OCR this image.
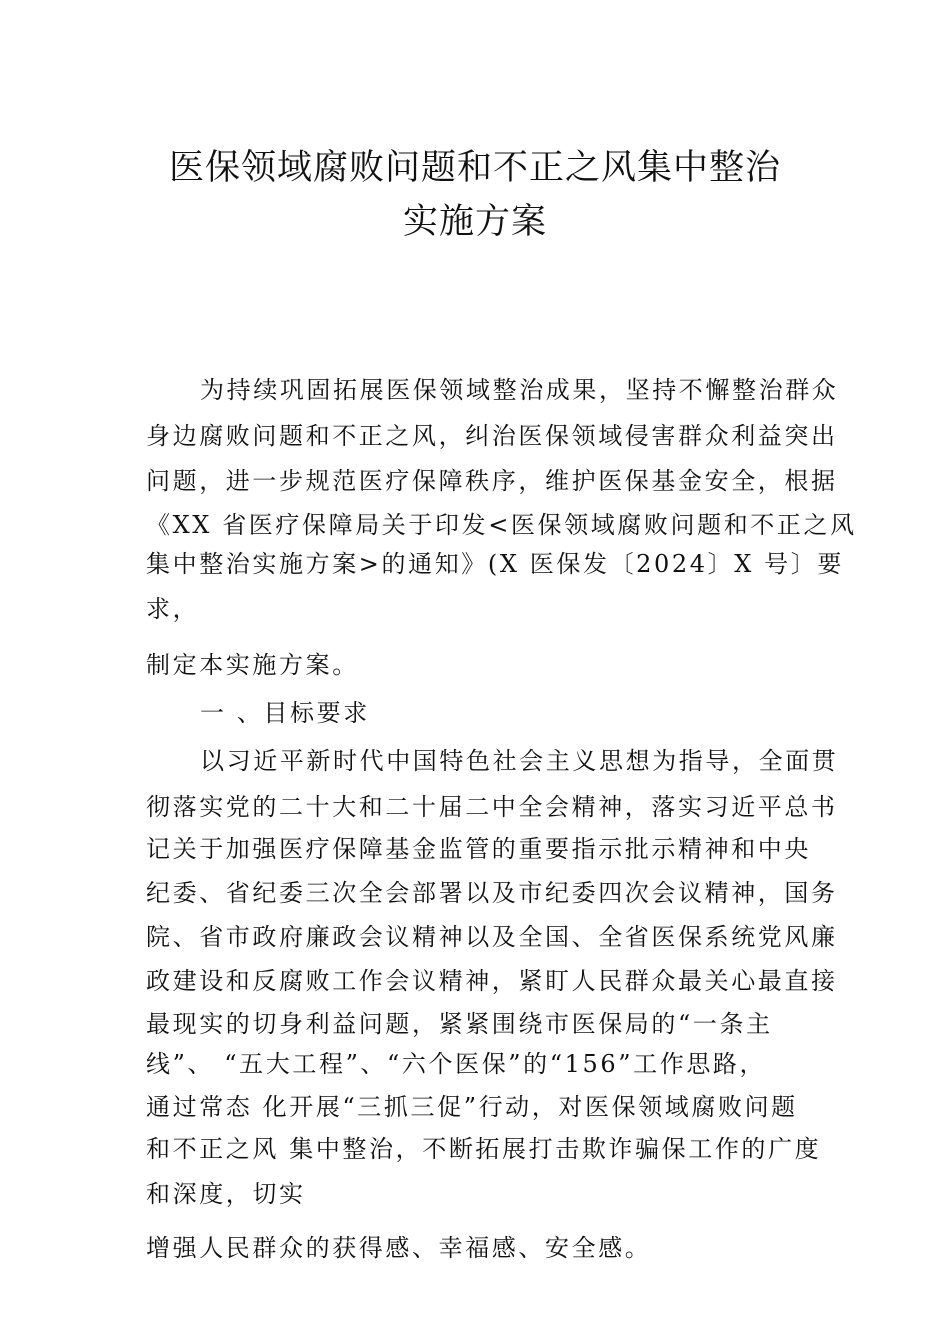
医保领域腐败问题和不正之风集中整治
实施方案
为持续巩固拓展医保领域整治成果，坚持不懈整治群众
身边腐败问题和不正之风，纠治医保领域侵害群众利益突出
问题，进一步规范医疗保障秩序，维护医保基金安全，根据
《XX 省医疗保障局关于印发<医保领域腐败问题和不正之风
集中整治实施方案>的通知》(X 医保发〔2024〕X 号〕要
求，
制定本实施方案。
一 、目标要求
以习近平新时代中国特色社会主义思想为指导，全面贯
彻落实党的二十大和二十届二中全会精神，落实习近平总书
记关于加强医疗保障基金监管的重要指示批示精神和中央
纪委、省纪委三次全会部署以及市纪委四次会议精神，国务
院、省市政府廉政会议精神以及全国、全省医保系统党风廉
政建设和反腐败工作会议精神，紧盯人民群众最关心最直接
最现实的切身利益问题，紧紧围绕市医保局的“一条主
线”、 “五大工程”、“六个医保”的“156”工作思路，
通过常态 化开展“三抓三促”行动，对医保领域腐败问题
和不正之风 集中整治，不断拓展打击欺诈骗保工作的广度
和深度，切实
增强人民群众的获得感、幸福感、安全感。
